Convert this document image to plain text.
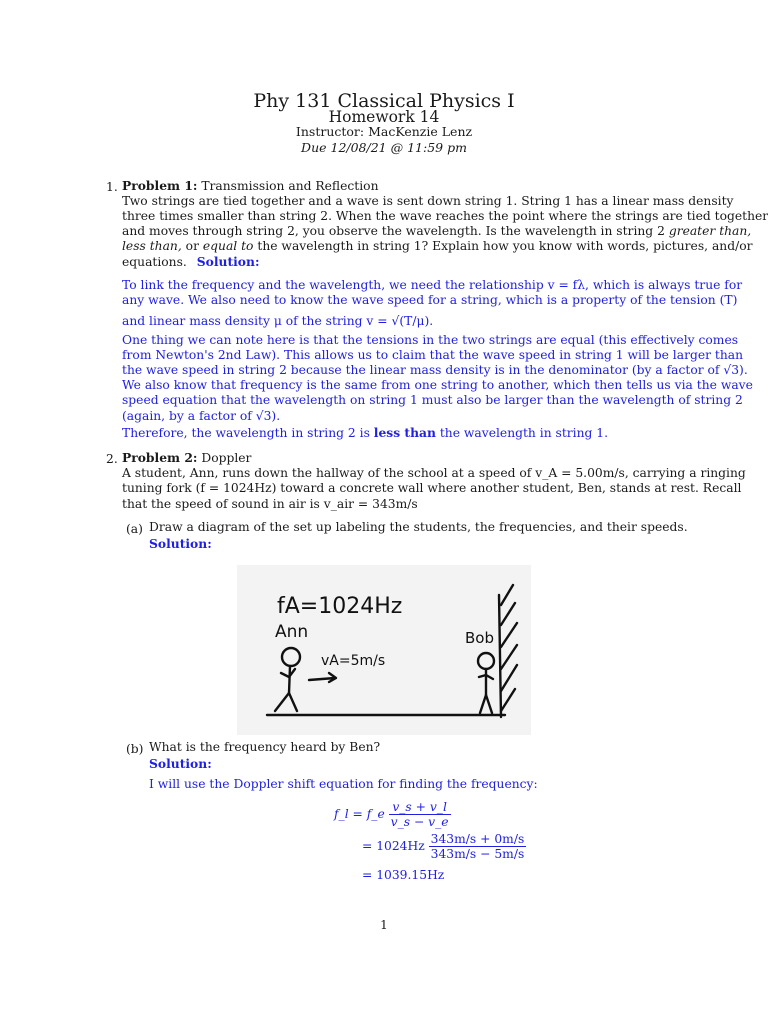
Phy 131 Classical Physics I
Homework 14
Instructor: MacKenzie Lenz
Due 12/08/21 @ 11:59 pm
1. Problem 1: Transmission and Reflection
Two strings are tied together and a wave is sent down string 1. String 1 has a linear mass density
three times smaller than string 2. When the wave reaches the point where the strings are tied together
and moves through string 2, you observe the wavelength. Is the wavelength in string 2 greater than,
less than, or equal to the wavelength in string 1? Explain how you know with words, pictures, and/or
equations. Solution:
To link the frequency and the wavelength, we need the relationship v = fλ, which is always true for
any wave. We also need to know the wave speed for a string, which is a property of the tension (T)
and linear mass density μ of the string v = √(T/μ).
One thing we can note here is that the tensions in the two strings are equal (this effectively comes
from Newton's 2nd Law). This allows us to claim that the wave speed in string 1 will be larger than
the wave speed in string 2 because the linear mass density is in the denominator (by a factor of √3).
We also know that frequency is the same from one string to another, which then tells us via the wave
speed equation that the wavelength on string 1 must also be larger than the wavelength of string 2
(again, by a factor of √3).
Therefore, the wavelength in string 2 is less than the wavelength in string 1.
2. Problem 2: Doppler
A student, Ann, runs down the hallway of the school at a speed of v_A = 5.00m/s, carrying a ringing
tuning fork (f = 1024Hz) toward a concrete wall where another student, Ben, stands at rest. Recall
that the speed of sound in air is v_air = 343m/s
(a) Draw a diagram of the set up labeling the students, the frequencies, and their speeds.
Solution:
fA=1024Hz
Ann
vA=5m/s
Bob
(b) What is the frequency heard by Ben?
Solution:
I will use the Doppler shift equation for finding the frequency:
f_l = f_e $\frac{v\_s + v\_l}{v\_s - v\_e}$
= $1024Hz \frac{343m/s + 0m/s}{343m/s - 5m/s}$
= 1039.15Hz
1
